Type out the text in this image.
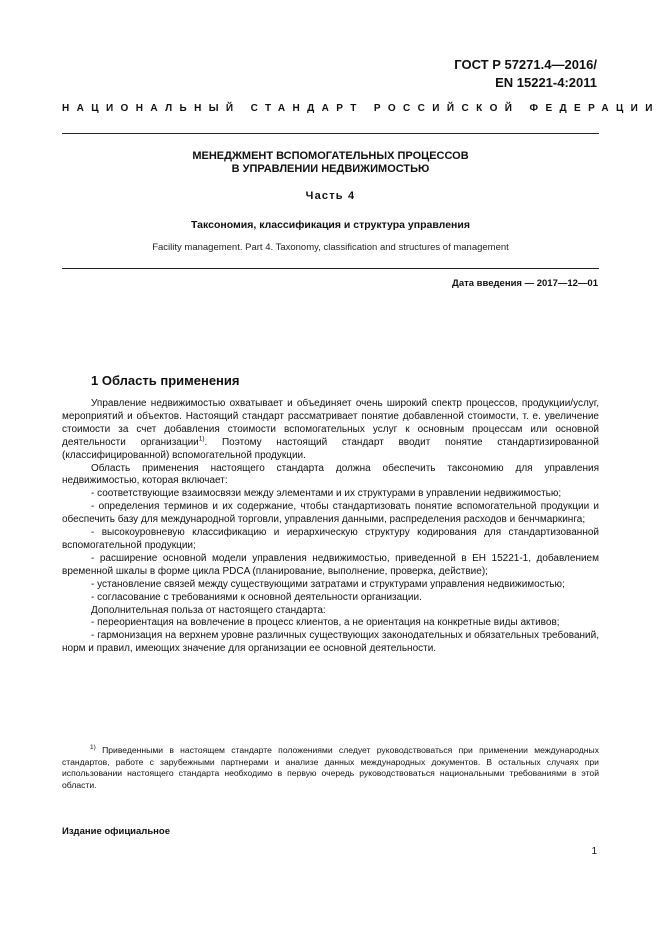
ГОСТ Р 57271.4—2016/
EN 15221-4:2011
НАЦИОНАЛЬНЫЙ СТАНДАРТ РОССИЙСКОЙ ФЕДЕРАЦИИ
МЕНЕДЖМЕНТ ВСПОМОГАТЕЛЬНЫХ ПРОЦЕССОВ
В УПРАВЛЕНИИ НЕДВИЖИМОСТЬЮ
Часть 4
Таксономия, классификация и структура управления
Facility management. Part 4. Taxonomy, classification and structures of management
Дата введения — 2017—12—01
1 Область применения

Управление недвижимостью охватывает и объединяет очень широкий спектр процессов, продукции/услуг, мероприятий и объектов. Настоящий стандарт рассматривает понятие добавленной стоимости, т. е. увеличение стоимости за счет добавления стоимости вспомогательных услуг к основным процессам или основной деятельности организации$^{1)}$. Поэтому настоящий стандарт вводит понятие стандартизированной (классифицированной) вспомогательной продукции.

Область применения настоящего стандарта должна обеспечить таксономию для управления недвижимостью, которая включает:

- соответствующие взаимосвязи между элементами и их структурами в управлении недвижимостью;

- определения терминов и их содержание, чтобы стандартизовать понятие вспомогательной продукции и обеспечить базу для международной торговли, управления данными, распределения расходов и бенчмаркинга;

- высокоуровневую классификацию и иерархическую структуру кодирования для стандартизованной вспомогательной продукции;

- расширение основной модели управления недвижимостью, приведенной в ЕН 15221-1, добавлением временной шкалы в форме цикла PDCA (планирование, выполнение, проверка, действие);

- установление связей между существующими затратами и структурами управления недвижимостью;

- согласование с требованиями к основной деятельности организации.

Дополнительная польза от настоящего стандарта:

- переориентация на вовлечение в процесс клиентов, а не ориентация на конкретные виды активов;

- гармонизация на верхнем уровне различных существующих законодательных и обязательных требований, норм и правил, имеющих значение для организации ее основной деятельности.

$^{1)}$ Приведенными в настоящем стандарте положениями следует руководствоваться при применении международных стандартов, работе с зарубежными партнерами и анализе данных международных документов. В остальных случаях при использовании настоящего стандарта необходимо в первую очередь руководствоваться национальными требованиями в этой области.

Издание официальное
1
